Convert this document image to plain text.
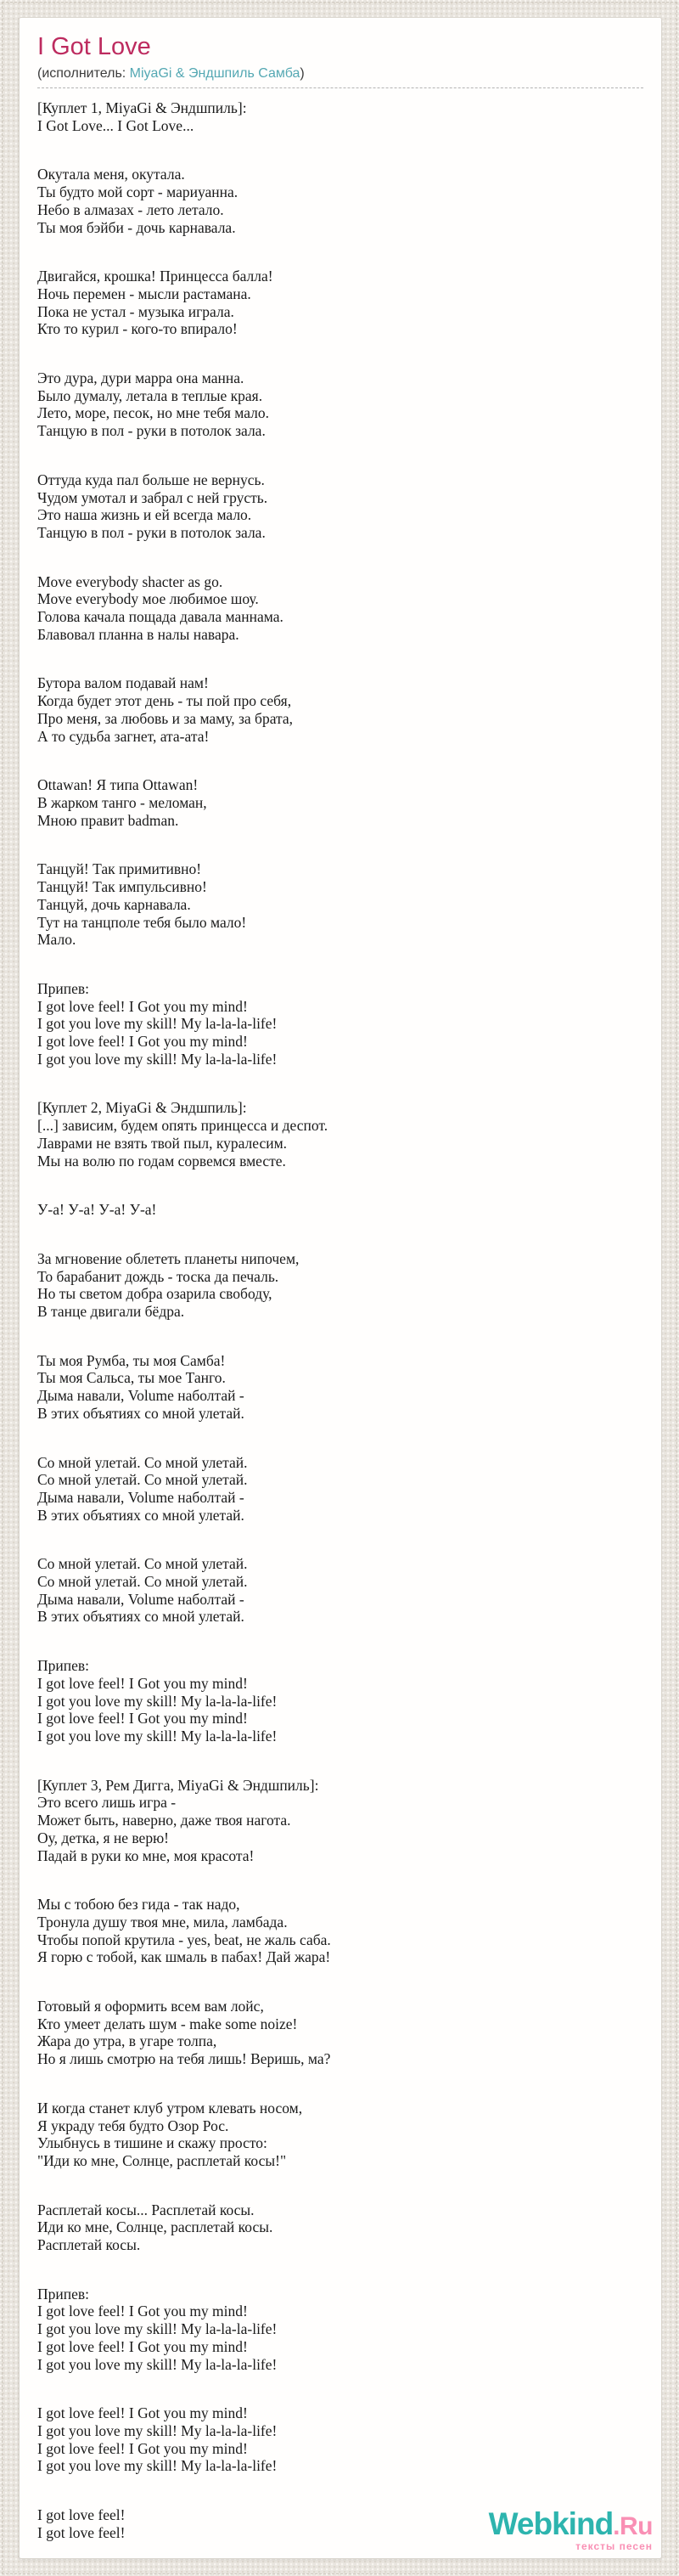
I Got Love
(исполнитель: MiyaGi & Эндшпиль Самба)
[Куплет 1, MiyaGi & Эндшпиль]:
I Got Love... I Got Love...
Окутала меня, окутала.
Ты будто мой сорт - мариуанна.
Небо в алмазах - лето летало.
Ты моя бэйби - дочь карнавала.
Двигайся, крошка! Принцесса балла!
Ночь перемен - мысли растамана.
Пока не устал - музыка играла.
Кто то курил - кого-то впирало!
Это дура, дури марра она манна.
Было думалу, летала в теплые края.
Лето, море, песок, но мне тебя мало.
Танцую в пол - руки в потолок зала.
Оттуда куда пал больше не вернусь.
Чудом умотал и забрал с ней грусть.
Это наша жизнь и ей всегда мало.
Танцую в пол - руки в потолок зала.
Move everybody shacter as go.
Move everybody мое любимое шоу.
Голова качала пощада давала маннама.
Блавовал планна в налы навара.
Бутора валом подавай нам!
Когда будет этот день - ты пой про себя,
Про меня, за любовь и за маму, за брата,
А то судьба загнет, ата-ата!
Ottawan! Я типа Ottawan!
В жарком танго - меломан,
Мною правит badman.
Танцуй! Так примитивно!
Танцуй! Так импульсивно!
Танцуй, дочь карнавала.
Тут на танцполе тебя было мало!
Мало.
Припев:
I got love feel! I Got you my mind!
I got you love my skill! My la-la-la-life!
I got love feel! I Got you my mind!
I got you love my skill! My la-la-la-life!
[Куплет 2, MiyaGi & Эндшпиль]:
[...] зависим, будем опять принцесса и деспот.
Лаврами не взять твой пыл, куралесим.
Мы на волю по годам сорвемся вместе.
У-а! У-а! У-а! У-а!
За мгновение облететь планеты нипочем,
То барабанит дождь - тоска да печаль.
Но ты светом добра озарила свободу,
В танце двигали бёдра.
Ты моя Румба, ты моя Самба!
Ты моя Сальса, ты мое Танго.
Дыма навали, Volume наболтай -
В этих объятиях со мной улетай.
Со мной улетай. Со мной улетай.
Со мной улетай. Со мной улетай.
Дыма навали, Volume наболтай -
В этих объятиях со мной улетай.
Со мной улетай. Со мной улетай.
Со мной улетай. Со мной улетай.
Дыма навали, Volume наболтай -
В этих объятиях со мной улетай.
Припев:
I got love feel! I Got you my mind!
I got you love my skill! My la-la-la-life!
I got love feel! I Got you my mind!
I got you love my skill! My la-la-la-life!
[Куплет 3, Рем Дигга, MiyaGi & Эндшпиль]:
Это всего лишь игра -
Может быть, наверно, даже твоя нагота.
Оу, детка, я не верю!
Падай в руки ко мне, моя красота!
Мы с тобою без гида - так надо,
Тронула душу твоя мне, мила, ламбада.
Чтобы попой крутила - yes, beat, не жаль саба.
Я горю с тобой, как шмаль в пабах! Дай жара!
Готовый я оформить всем вам лойс,
Кто умеет делать шум - make some noize!
Жара до утра, в угаре толпа,
Но я лишь смотрю на тебя лишь! Веришь, ма?
И когда станет клуб утром клевать носом,
Я украду тебя будто Озор Рос.
Улыбнусь в тишине и скажу просто:
"Иди ко мне, Солнце, расплетай косы!"
Расплетай косы... Расплетай косы.
Иди ко мне, Солнце, расплетай косы.
Расплетай косы.
Припев:
I got love feel! I Got you my mind!
I got you love my skill! My la-la-la-life!
I got love feel! I Got you my mind!
I got you love my skill! My la-la-la-life!
I got love feel! I Got you my mind!
I got you love my skill! My la-la-la-life!
I got love feel! I Got you my mind!
I got you love my skill! My la-la-la-life!
I got love feel!
I got love feel!	Webkind.Ru
тексты песен
